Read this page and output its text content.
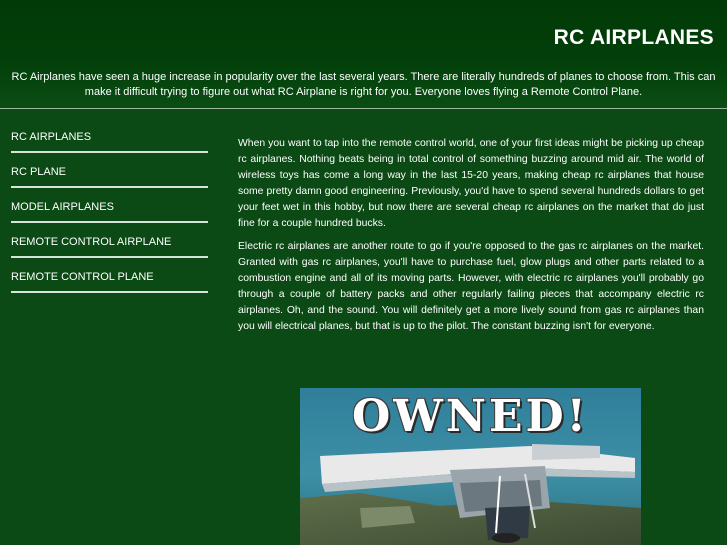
RC AIRPLANES

RC Airplanes have seen a huge increase in popularity over the last several years. There are literally hundreds of planes to choose from. This can make it difficult trying to figure out what RC Airplane is right for you. Everyone loves flying a Remote Control Plane.

RC AIRPLANES
RC PLANE
MODEL AIRPLANES
REMOTE CONTROL AIRPLANE
REMOTE CONTROL PLANE

When you want to tap into the remote control world, one of your first ideas might be picking up cheap rc airplanes. Nothing beats being in total control of something buzzing around mid air. The world of wireless toys has come a long way in the last 15-20 years, making cheap rc airplanes that house some pretty damn good engineering. Previously, you'd have to spend several hundreds dollars to get your feet wet in this hobby, but now there are several cheap rc airplanes on the market that do just fine for a couple hundred bucks.

Electric rc airplanes are another route to go if you're opposed to the gas rc airplanes on the market. Granted with gas rc airplanes, you'll have to purchase fuel, glow plugs and other parts related to a combustion engine and all of its moving parts. However, with electric rc airplanes you'll probably go through a couple of battery packs and other regularly failing pieces that accompany electric rc airplanes. Oh, and the sound. You will definitely get a more lively sound from gas rc airplanes than you will electrical planes, but that is up to the pilot. The constant buzzing isn't for everyone.

OWNED!
